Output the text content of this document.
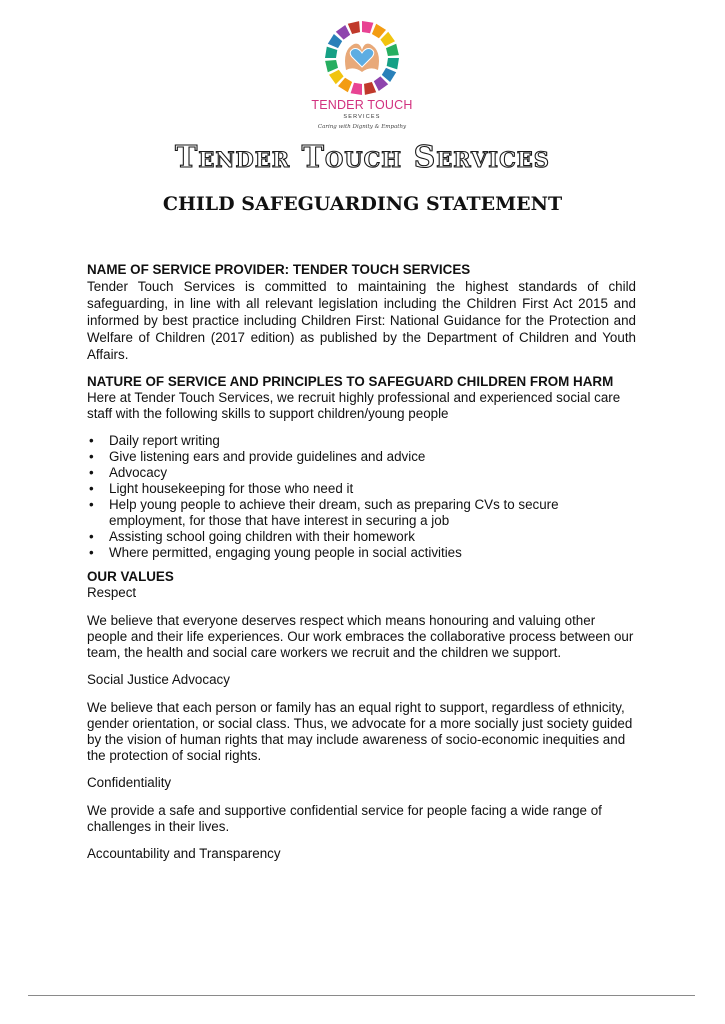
TENDER TOUCH
SERVICES
Caring with Dignity & Empathy
Tender Touch Services
CHILD SAFEGUARDING STATEMENT

NAME OF SERVICE PROVIDER: TENDER TOUCH SERVICES

Tender Touch Services is committed to maintaining the highest standards of child safeguarding, in line with all relevant legislation including the Children First Act 2015 and informed by best practice including Children First: National Guidance for the Protection and Welfare of Children (2017 edition) as published by the Department of Children and Youth Affairs.

NATURE OF SERVICE AND PRINCIPLES TO SAFEGUARD CHILDREN FROM HARM

Here at Tender Touch Services, we recruit highly professional and experienced social care staff with the following skills to support children/young people

• Daily report writing
• Give listening ears and provide guidelines and advice
• Advocacy
• Light housekeeping for those who need it
• Help young people to achieve their dream, such as preparing CVs to secure employment, for those that have interest in securing a job
• Assisting school going children with their homework
• Where permitted, engaging young people in social activities

OUR VALUES

Respect

We believe that everyone deserves respect which means honouring and valuing other people and their life experiences. Our work embraces the collaborative process between our team, the health and social care workers we recruit and the children we support.

Social Justice Advocacy

We believe that each person or family has an equal right to support, regardless of ethnicity, gender orientation, or social class. Thus, we advocate for a more socially just society guided by the vision of human rights that may include awareness of socio-economic inequities and the protection of social rights.

Confidentiality

We provide a safe and supportive confidential service for people facing a wide range of challenges in their lives.

Accountability and Transparency
